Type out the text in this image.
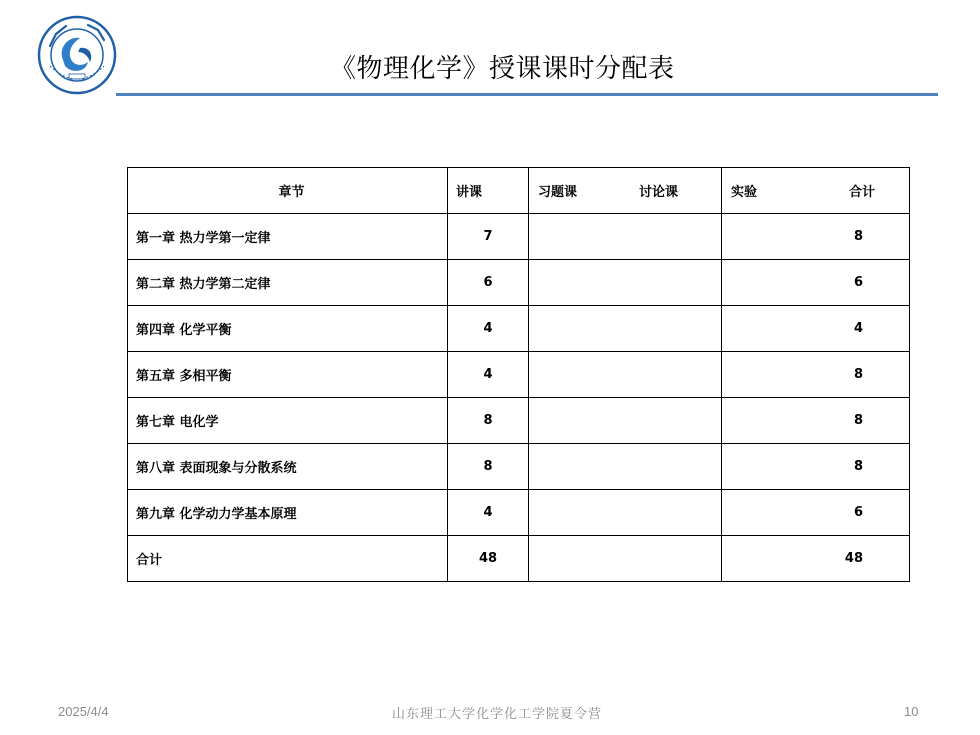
《物理化学》授课课时分配表
章节	讲课	习题课 讨论课	实验 合计

第一章 热力学第一定律	7		8

第二章 热力学第二定律	6		6

第四章 化学平衡	4		4

第五章 多相平衡	4		8

第七章 电化学	8		8

第八章 表面现象与分散系统	8		8

第九章 化学动力学基本原理	4		6

合计	48		48
2025/4/4	山东理工大学化学化工学院夏令营	10
